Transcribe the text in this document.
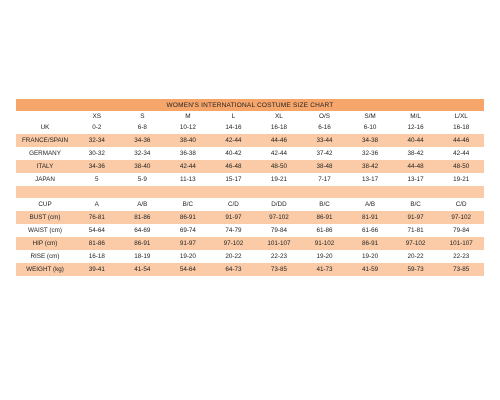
WOMEN'S INTERNATIONAL COSTUME SIZE CHART									
	XS	S	M	L	XL	O/S	S/M	M/L	L/XL
UK	0-2	6-8	10-12	14-16	16-18	6-16	6-10	12-16	16-18
FRANCE/SPAIN	32-34	34-36	38-40	42-44	44-46	33-44	34-38	40-44	44-46
GERMANY	30-32	32-34	36-38	40-42	42-44	37-42	32-36	38-42	42-44
ITALY	34-36	38-40	42-44	46-48	48-50	38-48	38-42	44-48	48-50
JAPAN	5	5-9	11-13	15-17	19-21	7-17	13-17	13-17	19-21

CUP	A	A/B	B/C	C/D	D/DD	B/C	A/B	B/C	C/D
BUST (cm)	76-81	81-86	86-91	91-97	97-102	86-91	81-91	91-97	97-102
WAIST (cm)	54-64	64-69	69-74	74-79	79-84	61-86	61-66	71-81	79-84
HIP (cm)	81-86	86-91	91-97	97-102	101-107	91-102	86-91	97-102	101-107
RISE (cm)	16-18	18-19	19-20	20-22	22-23	19-20	19-20	20-22	22-23
WEIGHT (kg)	39-41	41-54	54-64	64-73	73-85	41-73	41-59	59-73	73-85
